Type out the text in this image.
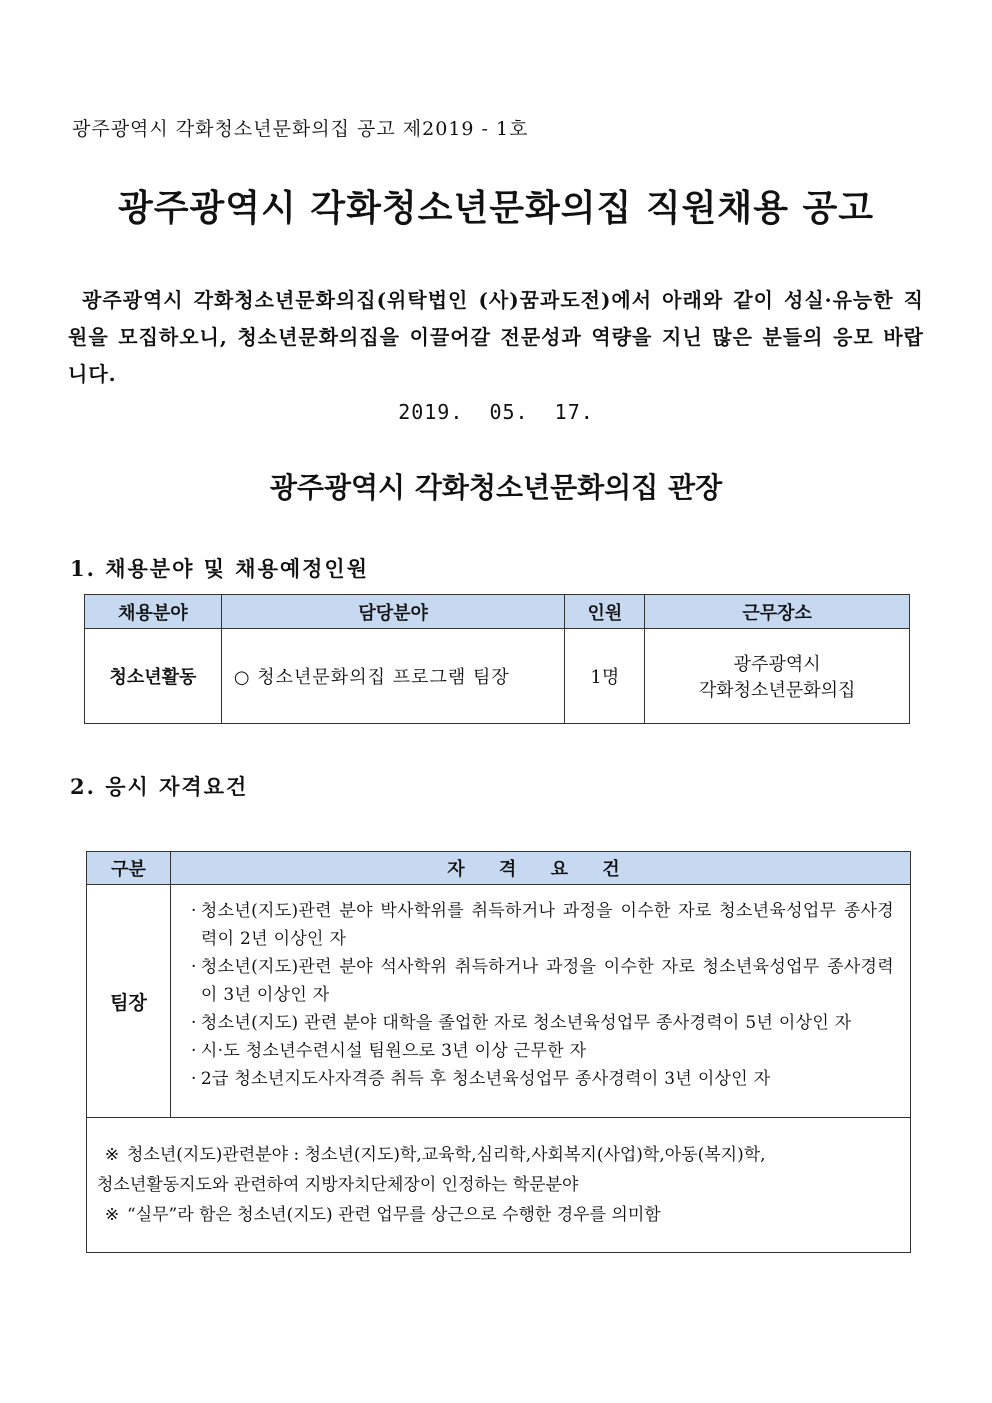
광주광역시 각화청소년문화의집 공고 제2019 - 1호
광주광역시 각화청소년문화의집 직원채용 공고
광주광역시 각화청소년문화의집(위탁법인 (사)꿈과도전)에서 아래와 같이 성실·유능한 직원을 모집하오니, 청소년문화의집을 이끌어갈 전문성과 역량을 지닌 많은 분들의 응모 바랍니다.
2019.  05.  17.
광주광역시 각화청소년문화의집 관장
1. 채용분야 및 채용예정인원
채용분야	담당분야	인원	근무장소
청소년활동	○ 청소년문화의집 프로그램 팀장	1명	광주광역시
각화청소년문화의집
2. 응시 자격요건
구분	자 격 요 건
팀장	· 청소년(지도)관련 분야 박사학위를 취득하거나 과정을 이수한 자로 청소년육성업무 종사경력이 2년 이상인 자
· 청소년(지도)관련 분야 석사학위 취득하거나 과정을 이수한 자로 청소년육성업무 종사경력이 3년 이상인 자
· 청소년(지도) 관련 분야 대학을 졸업한 자로 청소년육성업무 종사경력이 5년 이상인 자
· 시·도 청소년수련시설 팀원으로 3년 이상 근무한 자
· 2급 청소년지도사자격증 취득 후 청소년육성업무 종사경력이 3년 이상인 자

※ 청소년(지도)관련분야 : 청소년(지도)학,교육학,심리학,사회복지(사업)학,아동(복지)학,
청소년활동지도와 관련하여 지방자치단체장이 인정하는 학문분야
※ “실무”라 함은 청소년(지도) 관련 업무를 상근으로 수행한 경우를 의미함	
